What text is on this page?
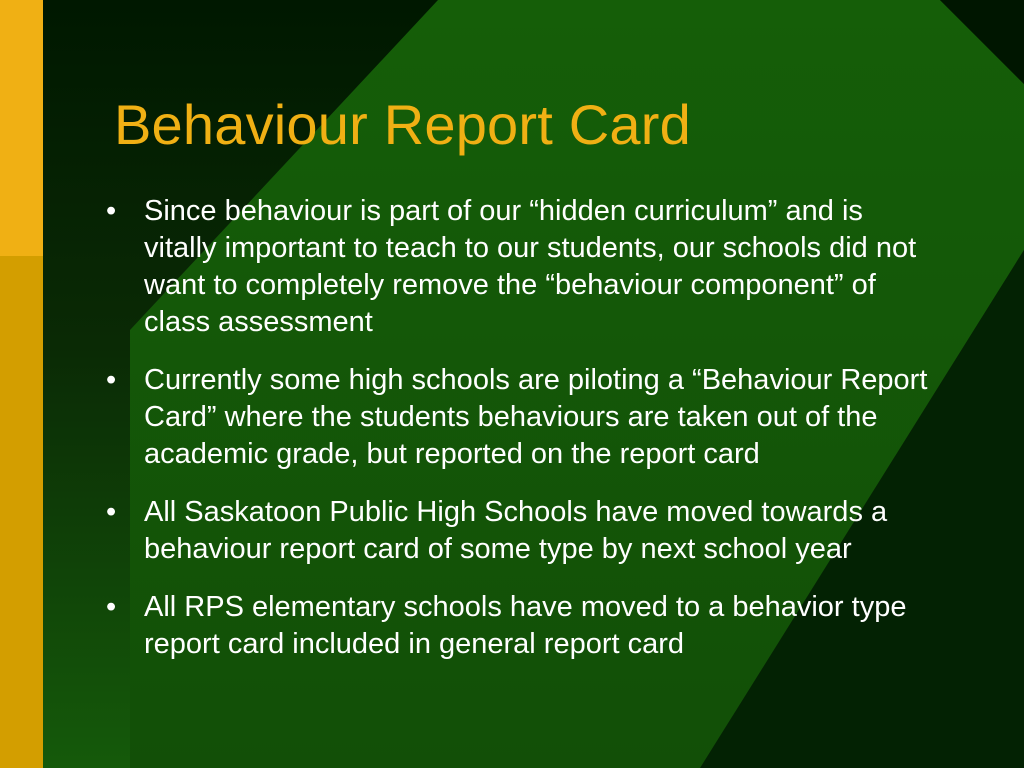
Behaviour Report Card
• Since behaviour is part of our “hidden curriculum” and is vitally important to teach to our students, our schools did not want to completely remove the “behaviour component” of class assessment
• Currently some high schools are piloting a “Behaviour Report Card” where the students behaviours are taken out of the academic grade, but reported on the report card
• All Saskatoon Public High Schools have moved towards a behaviour report card of some type by next school year
• All RPS elementary schools have moved to a behavior type report card included in general report card
